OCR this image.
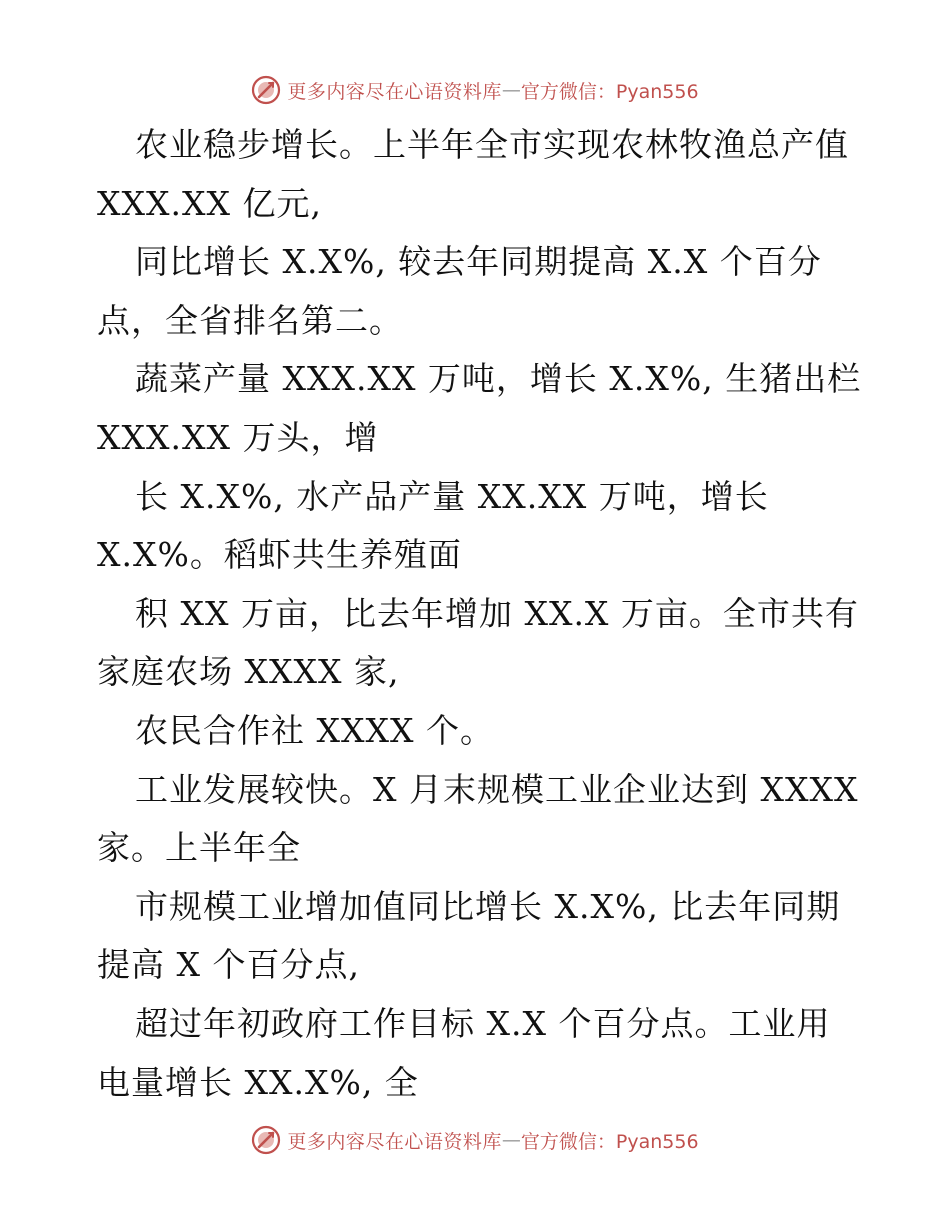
更多内容尽在心语资料库 — 官方微信：Pyan556
农业稳步增长。上半年全市实现农林牧渔总产值
XXX.XX 亿元,
同比增长 X.X%, 较去年同期提高 X.X 个百分
点，全省排名第二。
蔬菜产量 XXX.XX 万吨，增长 X.X%, 生猪出栏
XXX.XX 万头，增
长 X.X%, 水产品产量 XX.XX 万吨，增长
X.X%。稻虾共生养殖面
积 XX 万亩，比去年增加 XX.X 万亩。全市共有
家庭农场 XXXX 家,
农民合作社 XXXX 个。
工业发展较快。X 月末规模工业企业达到 XXXX
家。上半年全
市规模工业增加值同比增长 X.X%, 比去年同期
提高 X 个百分点,
超过年初政府工作目标 X.X 个百分点。工业用
电量增长 XX.X%, 全
更多内容尽在心语资料库 — 官方微信：Pyan556
